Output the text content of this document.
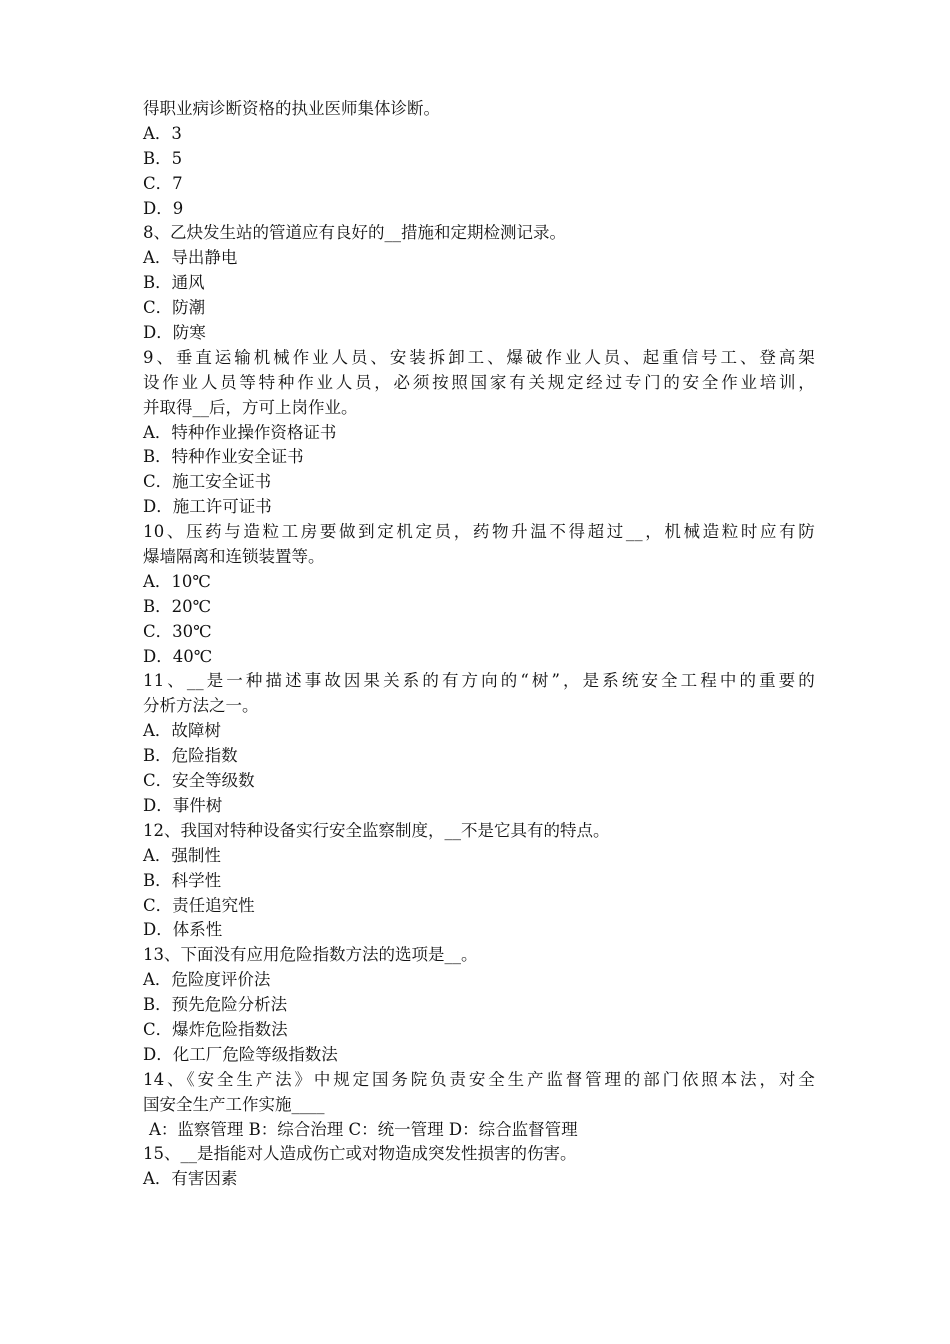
得职业病诊断资格的执业医师集体诊断。
A．3
B．5
C．7
D．9
8、乙炔发生站的管道应有良好的__措施和定期检测记录。
A．导出静电
B．通风
C．防潮
D．防寒
9、垂直运输机械作业人员、安装拆卸工、爆破作业人员、起重信号工、登高架
设作业人员等特种作业人员，必须按照国家有关规定经过专门的安全作业培训，
并取得__后，方可上岗作业。
A．特种作业操作资格证书
B．特种作业安全证书
C．施工安全证书
D．施工许可证书
10、压药与造粒工房要做到定机定员，药物升温不得超过__，机械造粒时应有防
爆墙隔离和连锁装置等。
A．10℃
B．20℃
C．30℃
D．40℃
11、__是一种描述事故因果关系的有方向的“树”，是系统安全工程中的重要的
分析方法之一。
A．故障树
B．危险指数
C．安全等级数
D．事件树
12、我国对特种设备实行安全监察制度，__不是它具有的特点。
A．强制性
B．科学性
C．责任追究性
D．体系性
13、下面没有应用危险指数方法的选项是__。
A．危险度评价法
B．预先危险分析法
C．爆炸危险指数法
D．化工厂危险等级指数法
14、《安全生产法》中规定国务院负责安全生产监督管理的部门依照本法，对全
国安全生产工作实施____
A：监察管理 B：综合治理 C：统一管理 D：综合监督管理
15、__是指能对人造成伤亡或对物造成突发性损害的伤害。
A．有害因素
